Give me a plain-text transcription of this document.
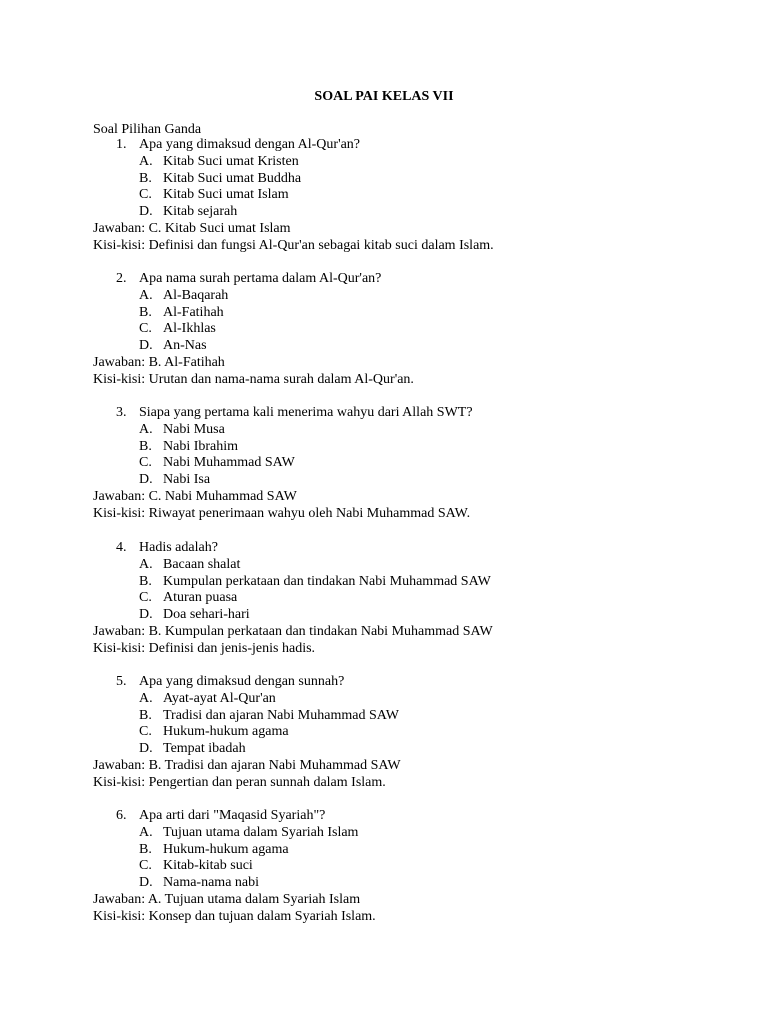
SOAL PAI KELAS VII
Soal Pilihan Ganda
1. Apa yang dimaksud dengan Al-Qur'an?
A. Kitab Suci umat Kristen
B. Kitab Suci umat Buddha
C. Kitab Suci umat Islam
D. Kitab sejarah
Jawaban: C. Kitab Suci umat Islam
Kisi-kisi: Definisi dan fungsi Al-Qur'an sebagai kitab suci dalam Islam.
2. Apa nama surah pertama dalam Al-Qur'an?
A. Al-Baqarah
B. Al-Fatihah
C. Al-Ikhlas
D. An-Nas
Jawaban: B. Al-Fatihah
Kisi-kisi: Urutan dan nama-nama surah dalam Al-Qur'an.
3. Siapa yang pertama kali menerima wahyu dari Allah SWT?
A. Nabi Musa
B. Nabi Ibrahim
C. Nabi Muhammad SAW
D. Nabi Isa
Jawaban: C. Nabi Muhammad SAW
Kisi-kisi: Riwayat penerimaan wahyu oleh Nabi Muhammad SAW.
4. Hadis adalah?
A. Bacaan shalat
B. Kumpulan perkataan dan tindakan Nabi Muhammad SAW
C. Aturan puasa
D. Doa sehari-hari
Jawaban: B. Kumpulan perkataan dan tindakan Nabi Muhammad SAW
Kisi-kisi: Definisi dan jenis-jenis hadis.
5. Apa yang dimaksud dengan sunnah?
A. Ayat-ayat Al-Qur'an
B. Tradisi dan ajaran Nabi Muhammad SAW
C. Hukum-hukum agama
D. Tempat ibadah
Jawaban: B. Tradisi dan ajaran Nabi Muhammad SAW
Kisi-kisi: Pengertian dan peran sunnah dalam Islam.
6. Apa arti dari "Maqasid Syariah"?
A. Tujuan utama dalam Syariah Islam
B. Hukum-hukum agama
C. Kitab-kitab suci
D. Nama-nama nabi
Jawaban: A. Tujuan utama dalam Syariah Islam
Kisi-kisi: Konsep dan tujuan dalam Syariah Islam.
